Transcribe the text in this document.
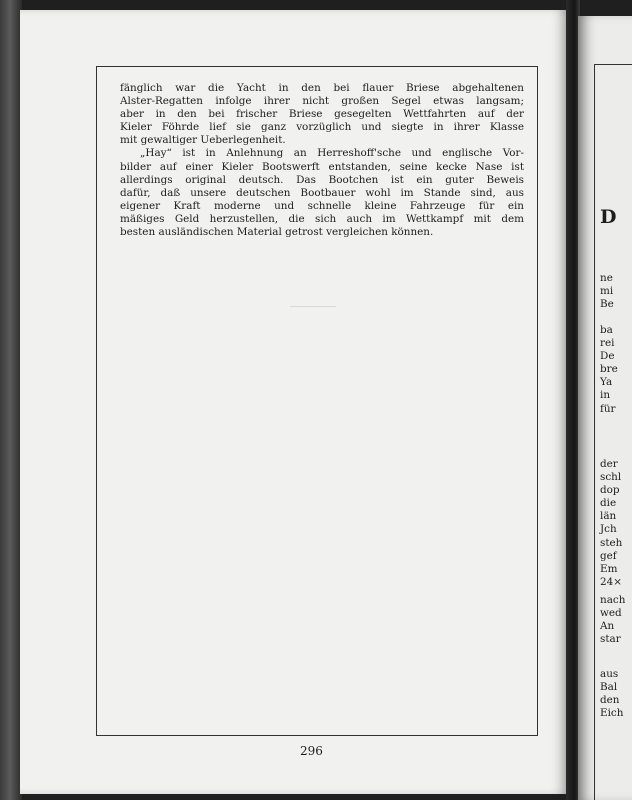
fänglich war die Yacht in den bei flauer Briese abgehaltenen
Alster-Regatten infolge ihrer nicht großen Segel etwas langsam;
aber in den bei frischer Briese gesegelten Wettfahrten auf der
Kieler Föhrde lief sie ganz vorzüglich und siegte in ihrer Klasse
mit gewaltiger Ueberlegenheit.
„Hay“ ist in Anlehnung an Herreshoff'sche und englische Vor-
bilder auf einer Kieler Bootswerft entstanden, seine kecke Nase ist
allerdings original deutsch. Das Bootchen ist ein guter Beweis
dafür, daß unsere deutschen Bootbauer wohl im Stande sind, aus
eigener Kraft moderne und schnelle kleine Fahrzeuge für ein
mäßiges Geld herzustellen, die sich auch im Wettkampf mit dem
besten ausländischen Material getrost vergleichen können.
296
D
ne
mi
Be
ba
rei
De
bre
Ya
in
für
der
schl
dop
die
län
Jch
steh
gef
Em
24×
nach
wed
An
star
aus
Bal
den
Eich
